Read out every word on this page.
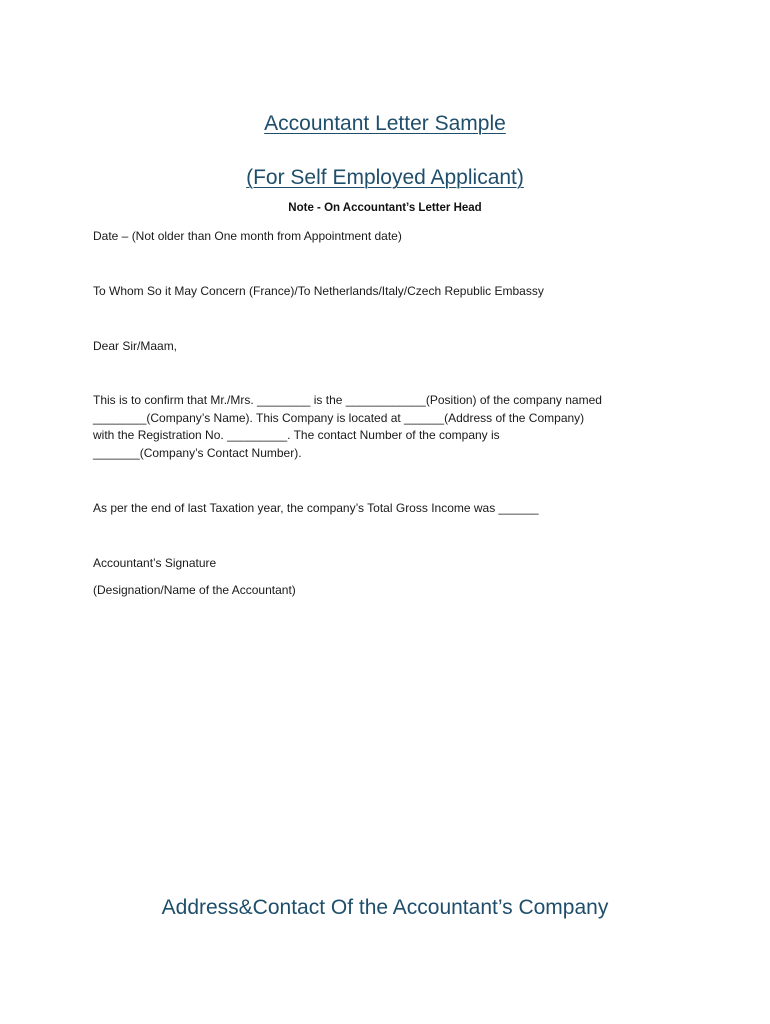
Accountant Letter Sample
(For Self Employed Applicant)
Note - On Accountant’s Letter Head
Date – (Not older than One month from Appointment date)
To Whom So it May Concern (France)/To Netherlands/Italy/Czech Republic Embassy
Dear Sir/Maam,
This is to confirm that Mr./Mrs. ________ is the ____________(Position) of the company named
________(Company’s Name). This Company is located at ______(Address of the Company)
with the Registration No. _________. The contact Number of the company is
_______(Company’s Contact Number).
As per the end of last Taxation year, the company’s Total Gross Income was ______
Accountant’s Signature
(Designation/Name of the Accountant)
Address&Contact Of the Accountant’s Company
